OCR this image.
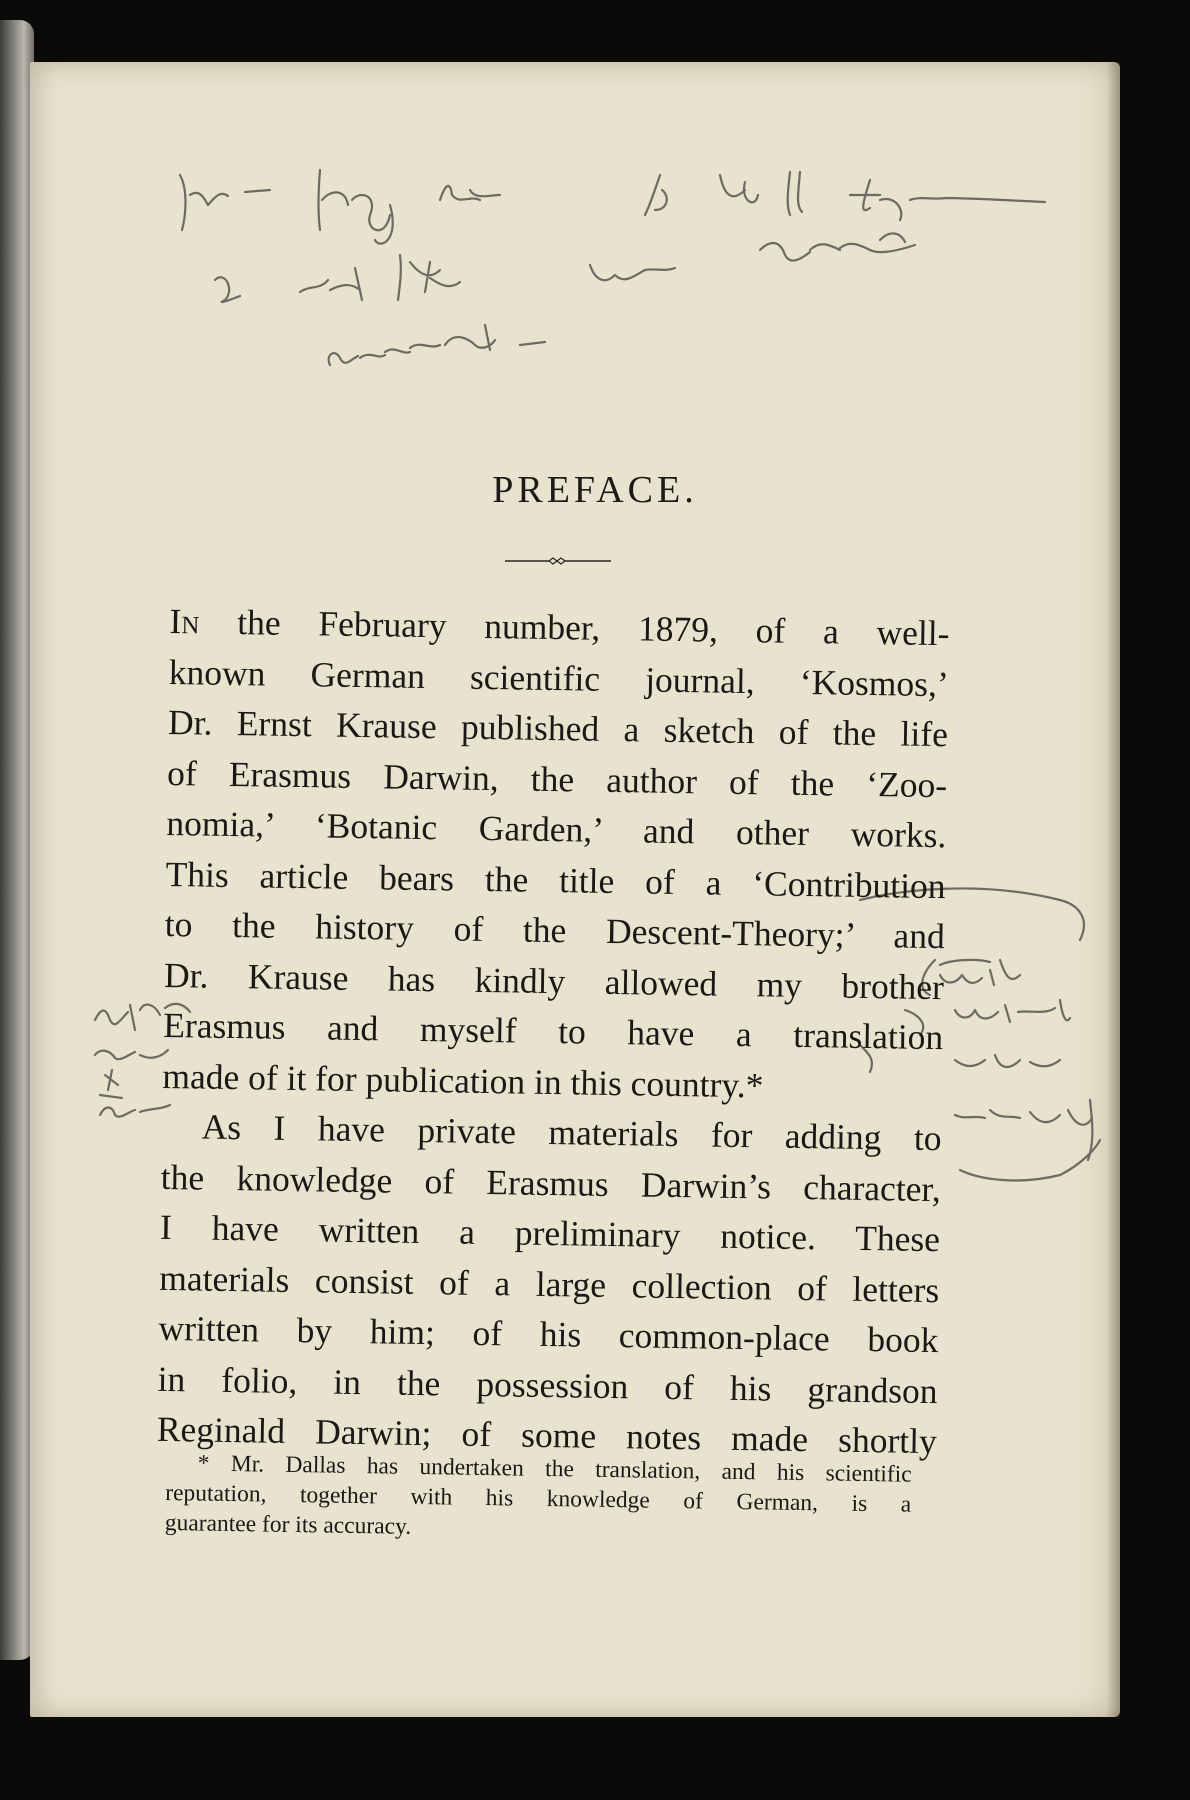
PREFACE.
In the February number, 1879, of a well-
known German scientific journal, ‘Kosmos,’
Dr. Ernst Krause published a sketch of the life
of Erasmus Darwin, the author of the ‘Zoo-
nomia,’ ‘Botanic Garden,’ and other works.
This article bears the title of a ‘Contribution
to the history of the Descent-Theory;’ and
Dr. Krause has kindly allowed my brother
Erasmus and myself to have a translation
made of it for publication in this country.*
As I have private materials for adding to
the knowledge of Erasmus Darwin’s character,
I have written a preliminary notice. These
materials consist of a large collection of letters
written by him; of his common-place book
in folio, in the possession of his grandson
Reginald Darwin; of some notes made shortly
* Mr. Dallas has undertaken the translation, and his scientific
reputation, together with his knowledge of German, is a
guarantee for its accuracy.
